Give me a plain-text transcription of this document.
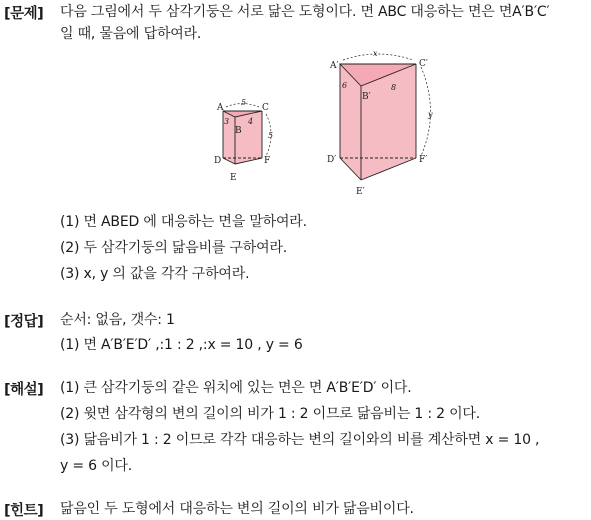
[문제] 다음 그림에서 두 삼각기둥은 서로 닮은 도형이다. 면 ABC 대응하는 면은 면A′B′C′
일 때, 물음에 답하여라.
A
B
C
D
E
F
3
5
4
5
A′
B′
C′
D′
E′
F′
6
x
8
y
(1) 면 ABED 에 대응하는 면을 말하여라.
(2) 두 삼각기둥의 닮음비를 구하여라.
(3) x, y 의 값을 각각 구하여라.
[정답] 순서: 없음, 갯수: 1
(1) 면 A′B′E′D′ ,:1 : 2 ,:x = 10 , y = 6
[해설] (1) 큰 삼각기둥의 같은 위치에 있는 면은 면 A′B′E′D′ 이다.
(2) 윗면 삼각형의 변의 길이의 비가 1 : 2 이므로 닮음비는 1 : 2 이다.
(3) 닮음비가 1 : 2 이므로 각각 대응하는 변의 길이와의 비를 계산하면 x = 10 ,
y = 6 이다.
[힌트] 닮음인 두 도형에서 대응하는 변의 길이의 비가 닮음비이다.
